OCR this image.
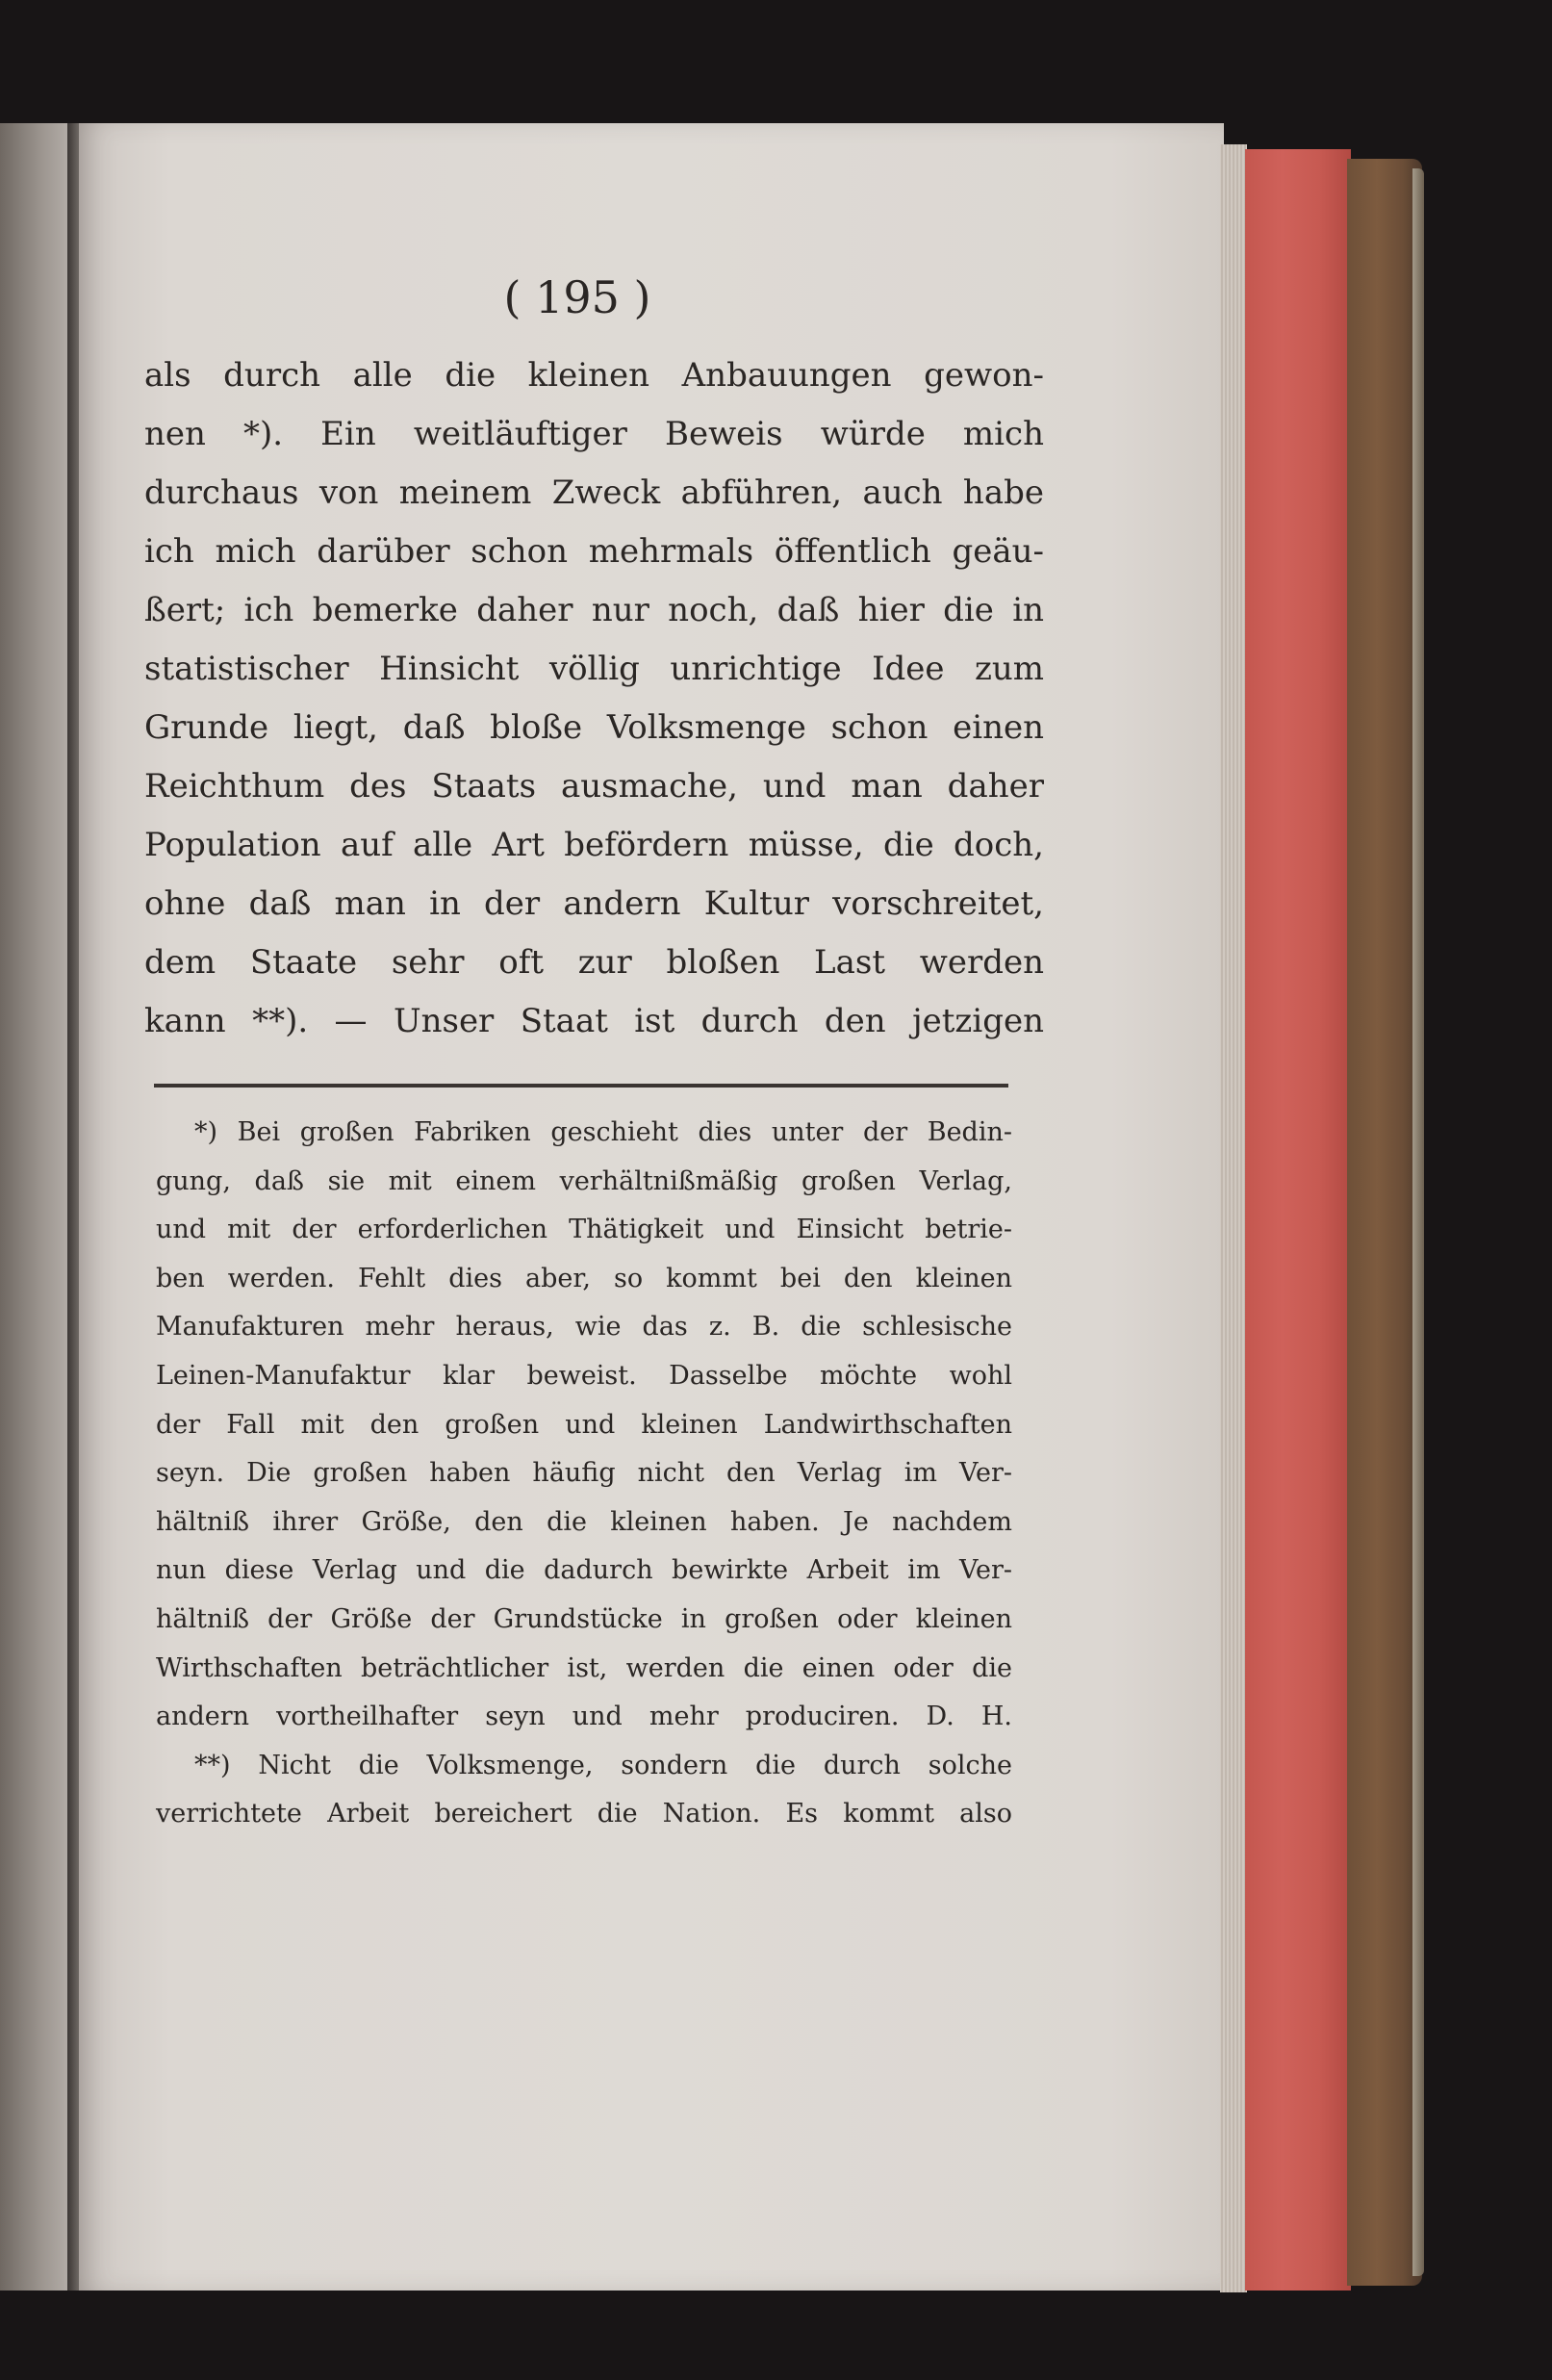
( 195 )
als durch alle die kleinen Anbauungen gewon-
nen *). Ein weitläuftiger Beweis würde mich
durchaus von meinem Zweck abführen, auch habe
ich mich darüber schon mehrmals öffentlich geäu-
ßert; ich bemerke daher nur noch, daß hier die in
statistischer Hinsicht völlig unrichtige Idee zum
Grunde liegt, daß bloße Volksmenge schon einen
Reichthum des Staats ausmache, und man daher
Population auf alle Art befördern müsse, die doch,
ohne daß man in der andern Kultur vorschreitet,
dem Staate sehr oft zur bloßen Last werden
kann **). — Unser Staat ist durch den jetzigen
*) Bei großen Fabriken geschieht dies unter der Bedin-
gung, daß sie mit einem verhältnißmäßig großen Verlag,
und mit der erforderlichen Thätigkeit und Einsicht betrie-
ben werden. Fehlt dies aber, so kommt bei den kleinen
Manufakturen mehr heraus, wie das z. B. die schlesische
Leinen-Manufaktur klar beweist. Dasselbe möchte wohl
der Fall mit den großen und kleinen Landwirthschaften
seyn. Die großen haben häufig nicht den Verlag im Ver-
hältniß ihrer Größe, den die kleinen haben. Je nachdem
nun diese Verlag und die dadurch bewirkte Arbeit im Ver-
hältniß der Größe der Grundstücke in großen oder kleinen
Wirthschaften beträchtlicher ist, werden die einen oder die
andern vortheilhafter seyn und mehr produciren. D. H.
**) Nicht die Volksmenge, sondern die durch solche
verrichtete Arbeit bereichert die Nation. Es kommt also
